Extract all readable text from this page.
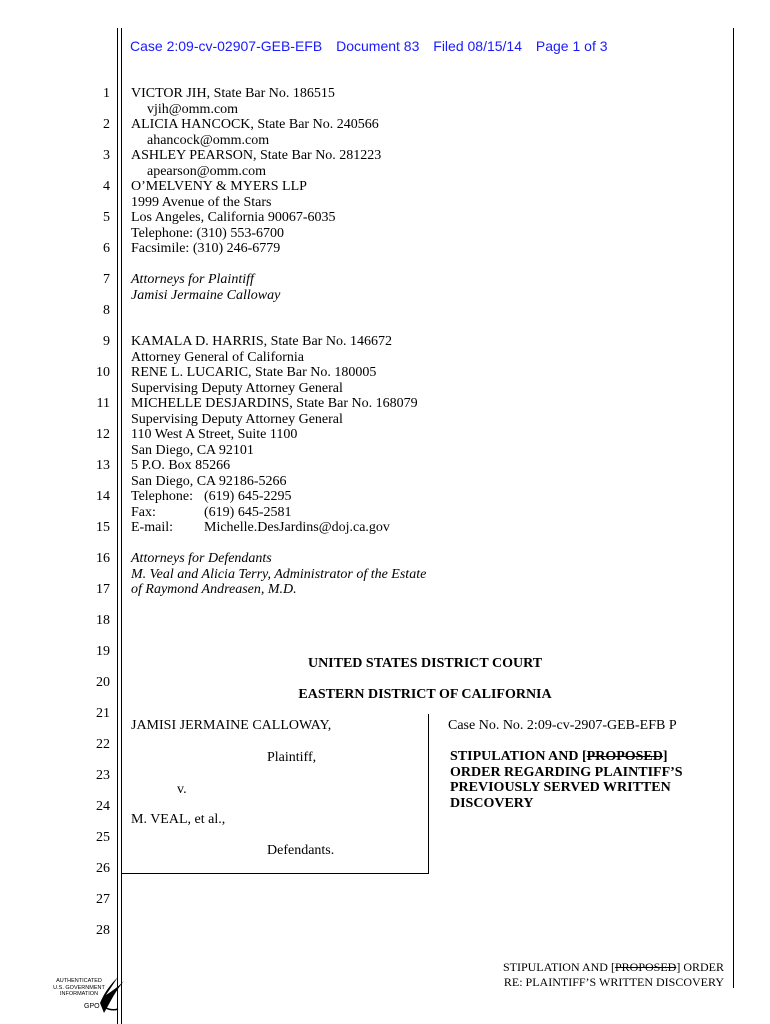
Case 2:09-cv-02907-GEB-EFB Document 83 Filed 08/15/14 Page 1 of 3
1
2
3
4
5
6
7
8
9
10
11
12
13
14
15
16
17
18
19
20
21
22
23
24
25
26
27
28
VICTOR JIH, State Bar No. 186515
vjih@omm.com
ALICIA HANCOCK, State Bar No. 240566
ahancock@omm.com
ASHLEY PEARSON, State Bar No. 281223
apearson@omm.com
O’MELVENY & MYERS LLP
1999 Avenue of the Stars
Los Angeles, California 90067-6035
Telephone: (310) 553-6700
Facsimile: (310) 246-6779
Attorneys for Plaintiff
Jamisi Jermaine Calloway
KAMALA D. HARRIS, State Bar No. 146672
Attorney General of California
RENE L. LUCARIC, State Bar No. 180005
Supervising Deputy Attorney General
MICHELLE DESJARDINS, State Bar No. 168079
Supervising Deputy Attorney General
110 West A Street, Suite 1100
San Diego, CA 92101
5 P.O. Box 85266
San Diego, CA 92186-5266
Telephone: (619) 645-2295
Fax:	(619) 645-2581
E-mail: Michelle.DesJardins@doj.ca.gov
Attorneys for Defendants
M. Veal and Alicia Terry, Administrator of the Estate
of Raymond Andreasen, M.D.
UNITED STATES DISTRICT COURT
EASTERN DISTRICT OF CALIFORNIA
JAMISI JERMAINE CALLOWAY,
Plaintiff,
v.
M. VEAL, et al.,
Defendants.
Case No. No. 2:09-cv-2907-GEB-EFB P
STIPULATION AND [PROPOSED]
ORDER REGARDING PLAINTIFF’S
PREVIOUSLY SERVED WRITTEN
DISCOVERY
STIPULATION AND [PROPOSED] ORDER
RE: PLAINTIFF’S WRITTEN DISCOVERY
AUTHENTICATED
U.S. GOVERNMENT
INFORMATION
GPO
